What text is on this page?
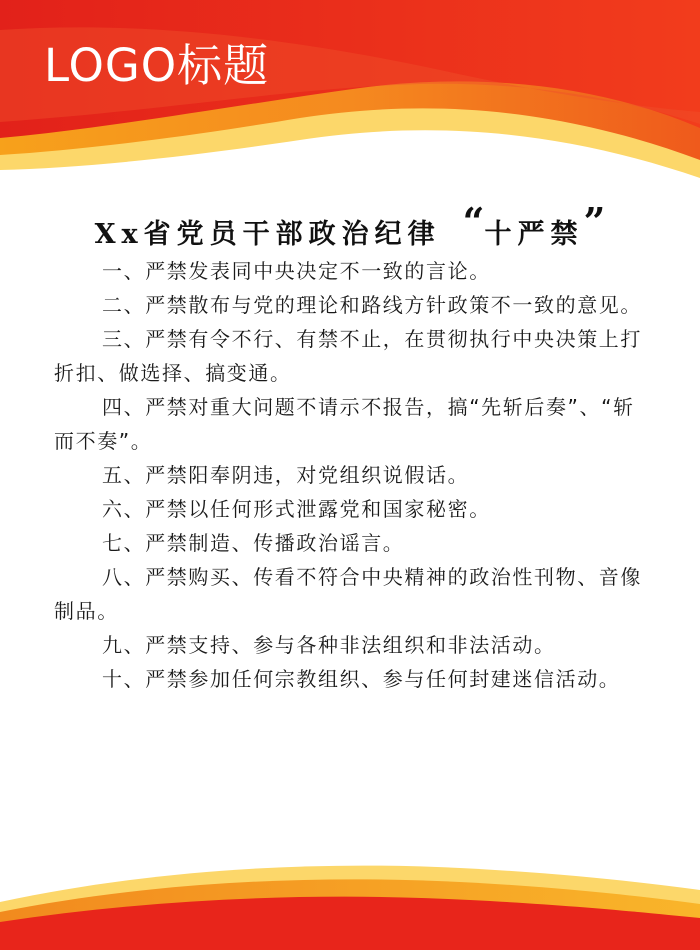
LOGO标题
Xx省党员干部政治纪律 “十严禁”
一、严禁发表同中央决定不一致的言论。
二、严禁散布与党的理论和路线方针政策不一致的意见。
三、严禁有令不行、有禁不止，在贯彻执行中央决策上打折扣、做选择、搞变通。
四、严禁对重大问题不请示不报告，搞“先斩后奏”、“斩而不奏”。
五、严禁阳奉阴违，对党组织说假话。
六、严禁以任何形式泄露党和国家秘密。
七、严禁制造、传播政治谣言。
八、严禁购买、传看不符合中央精神的政治性刊物、音像制品。
九、严禁支持、参与各种非法组织和非法活动。
十、严禁参加任何宗教组织、参与任何封建迷信活动。
